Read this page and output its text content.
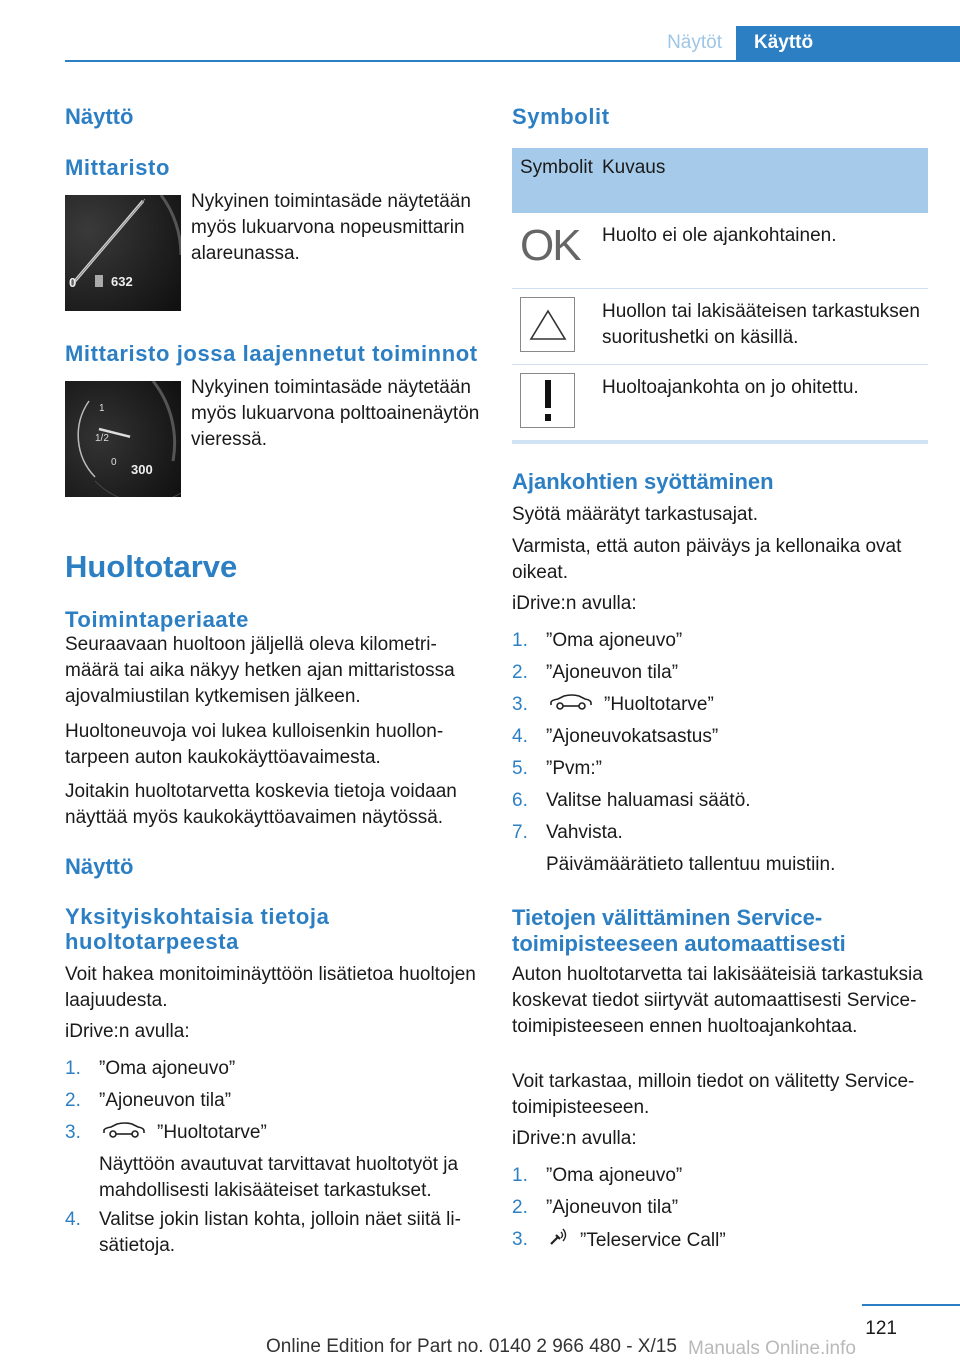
Näytöt	Käyttö
Näyttö
Mittaristo
0	632
Nykyinen toimintasäde näytetään myös lukuarvona nopeusmittarin alareunassa.
Mittaristo jossa laajennetut toiminnot
1
1/2
0 300
Nykyinen toimintasäde näytetään myös lukuarvona polttoainenäytön vieressä.
Huoltotarve
Toimintaperiaate
Seuraavaan huoltoon jäljellä oleva kilometrimäärä tai aika näkyy hetken ajan mittaristossa ajovalmiustilan kytkemisen jälkeen.
Huoltoneuvoja voi lukea kulloisenkin huollontarpeen auton kaukokäyttöavaimesta.
Joitakin huoltotarvetta koskevia tietoja voidaan näyttää myös kaukokäyttöavaimen näytössä.
Näyttö
Yksityiskohtaisia tietoja huoltotarpeesta
Voit hakea monitoiminäyttöön lisätietoa huoltojen laajuudesta.
iDrive:n avulla:
1. ”Oma ajoneuvo”
2. ”Ajoneuvon tila”
3.	”Huoltotarve”
Näyttöön avautuvat tarvittavat huoltotyöt ja mahdollisesti lakisääteiset tarkastukset.
4. Valitse jokin listan kohta, jolloin näet siitä lisätietoja.
Symbolit
Symbolit Kuvaus
OK	Huolto ei ole ajankohtainen.
Huollon tai lakisääteisen tarkastuksen suoritushetki on käsillä.
Huoltoajankohta on jo ohitettu.
Ajankohtien syöttäminen
Syötä määrätyt tarkastusajat.
Varmista, että auton päiväys ja kellonaika ovat oikeat.
iDrive:n avulla:
1. ”Oma ajoneuvo”
2. ”Ajoneuvon tila”
3.	”Huoltotarve”
4. ”Ajoneuvokatsastus”
5. ”Pvm:”
6. Valitse haluamasi säätö.
7. Vahvista.
Päivämäärätieto tallentuu muistiin.
Tietojen välittäminen Servicetoimipisteeseen automaattisesti
Auton huoltotarvetta tai lakisääteisiä tarkastuksia koskevat tiedot siirtyvät automaattisesti Service-toimipisteeseen ennen huoltoajankohtaa.
Voit tarkastaa, milloin tiedot on välitetty Service-toimipisteeseen.
iDrive:n avulla:
1. ”Oma ajoneuvo”
2. ”Ajoneuvon tila”
3.	”Teleservice Call”
121
Online Edition for Part no. 0140 2 966 480 - X/15 Manuals Online.info
